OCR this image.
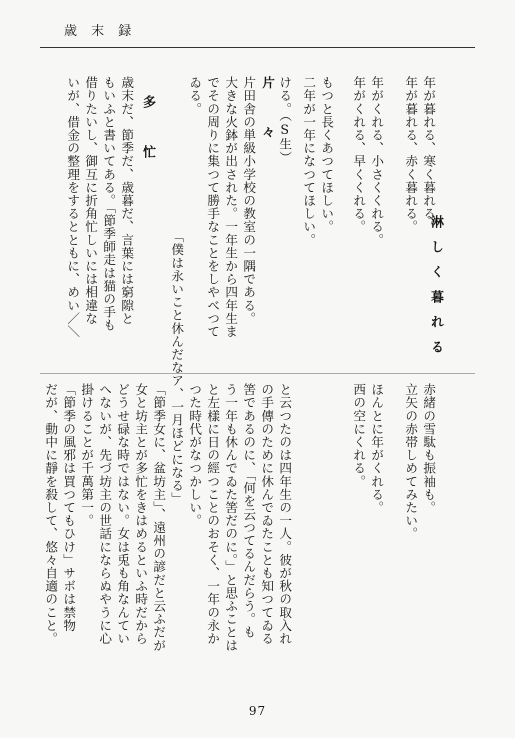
歳 末 録
淋しく暮れる
年が暮れる、寒く暮れる。
年が暮れる、赤く暮れる。
年がくれる、小さくくれる。
年がくれる、早くくれる。
もつと長くあつてほしい。
二年が一年になつてほしい。
赤緒の雪駄も振袖も。
立矢の赤帯しめてみたい。
ほんとに年がくれる。
西の空にくれる。
ける。（S生）
片　々
片田舎の単級小学校の教室の一隅である。
大きな火鉢が出された。一年生から四年生ま
でその周りに集つて勝手なことをしやべつて
ゐる。
「僕は永いこと休んだなア、一月ほどになる」
と云つたのは四年生の一人。彼が秋の取入れ
の手傳のために休んでゐたことも知つてゐる
筈であるのに、「何を云つてるんだらう。も
う一年も休んでゐた筈だのに。」と思ふことは
と左樣に日の經つことのおそく、一年の永か
つた時代がなつかしい。
多　忙
歳末だ、節季だ、歳暮だ、言葉には窮隙と
もいふと書いてある。「節季師走は猫の手も
借りたいし、御互に折角忙しいには相違な
いが、借金の整理をするとともに、めい／＼
「節季女に、盆坊主」、遠州の諺だと云ふだが
女と坊主とが多忙をきはめるといふ時だから
どうせ碌な時ではない。女は兎も角なんてい
へないが、先づ坊主の世話にならぬやうに心
掛けることが千萬第一。
「節季の風邪は買つてもひけ」サボは禁物
だが、動中に靜を殺して、悠々自適のこと。
97
